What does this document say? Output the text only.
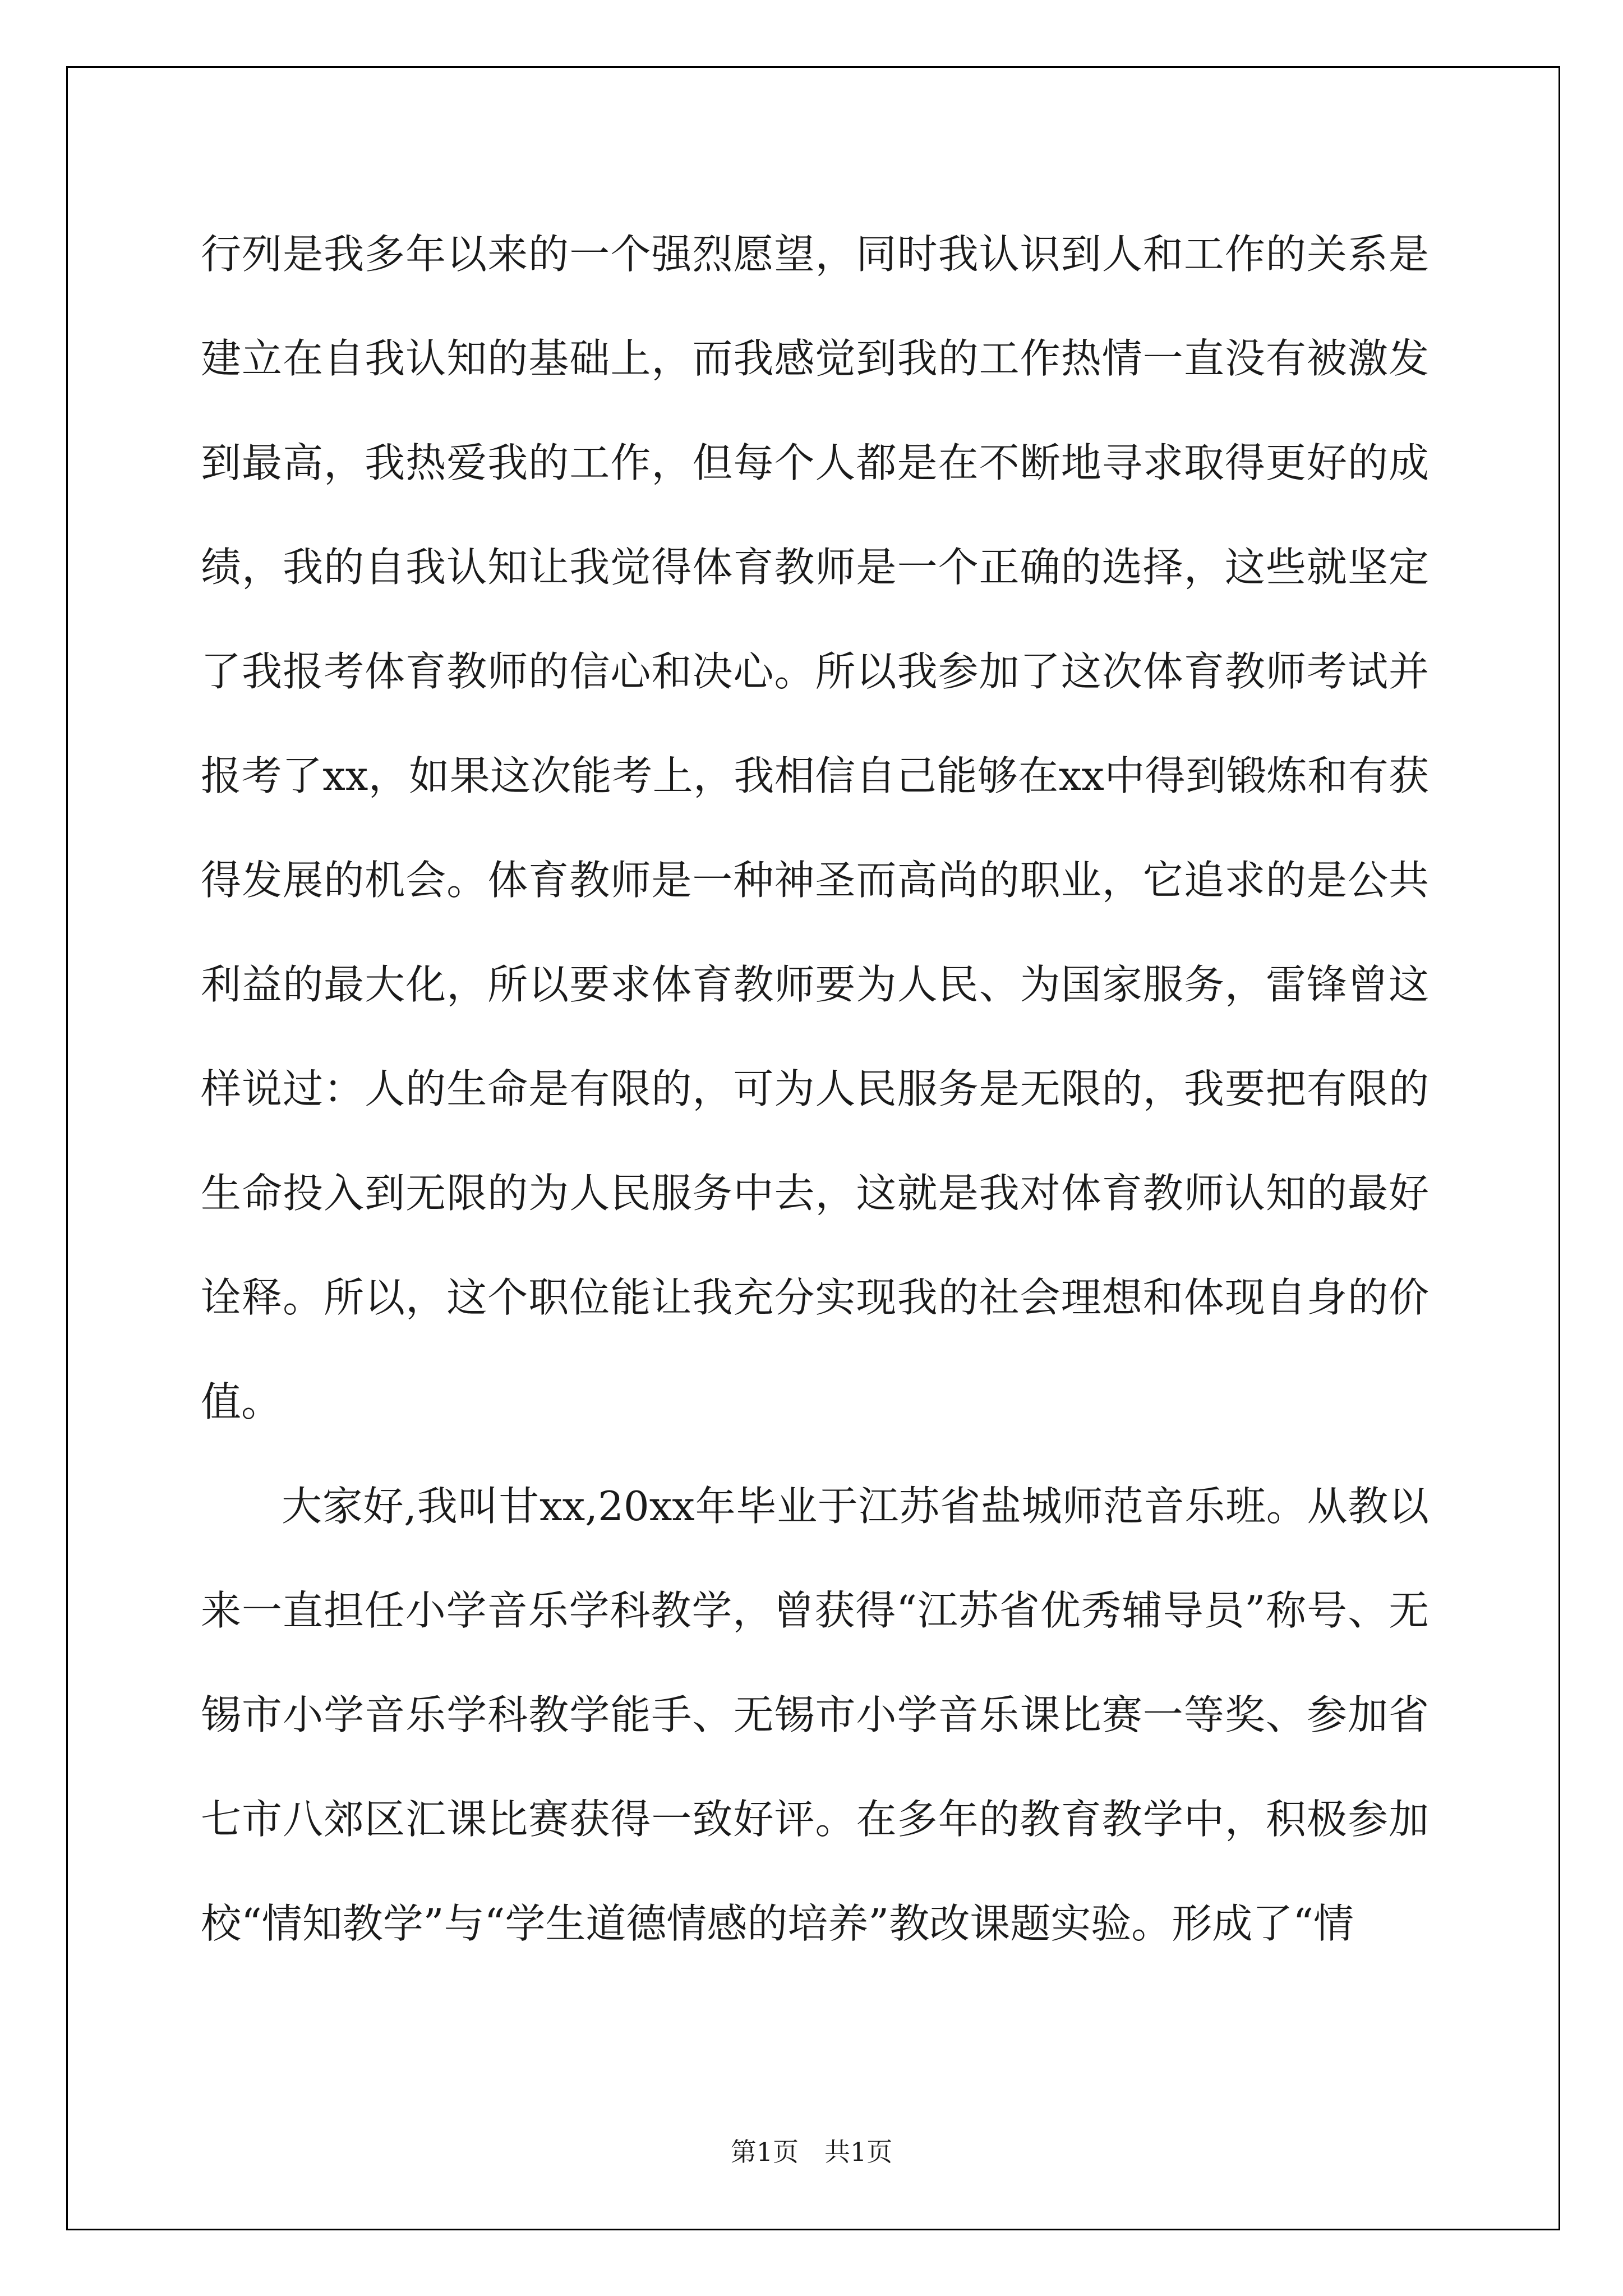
行列是我多年以来的一个强烈愿望，同时我认识到人和工作的关系是建立在自我认知的基础上，而我感觉到我的工作热情一直没有被激发到最高，我热爱我的工作，但每个人都是在不断地寻求取得更好的成绩，我的自我认知让我觉得体育教师是一个正确的选择，这些就坚定了我报考体育教师的信心和决心。所以我参加了这次体育教师考试并报考了xx，如果这次能考上，我相信自己能够在xx中得到锻炼和有获得发展的机会。体育教师是一种神圣而高尚的职业，它追求的是公共利益的最大化，所以要求体育教师要为人民、为国家服务，雷锋曾这样说过：人的生命是有限的，可为人民服务是无限的，我要把有限的生命投入到无限的为人民服务中去，这就是我对体育教师认知的最好诠释。所以，这个职位能让我充分实现我的社会理想和体现自身的价值。

大家好,我叫甘xx,20xx年毕业于江苏省盐城师范音乐班。从教以来一直担任小学音乐学科教学，曾获得“江苏省优秀辅导员”称号、无锡市小学音乐学科教学能手、无锡市小学音乐课比赛一等奖、参加省七市八郊区汇课比赛获得一致好评。在多年的教育教学中，积极参加校“情知教学”与“学生道德情感的培养”教改课题实验。形成了“情

第1页 共1页
